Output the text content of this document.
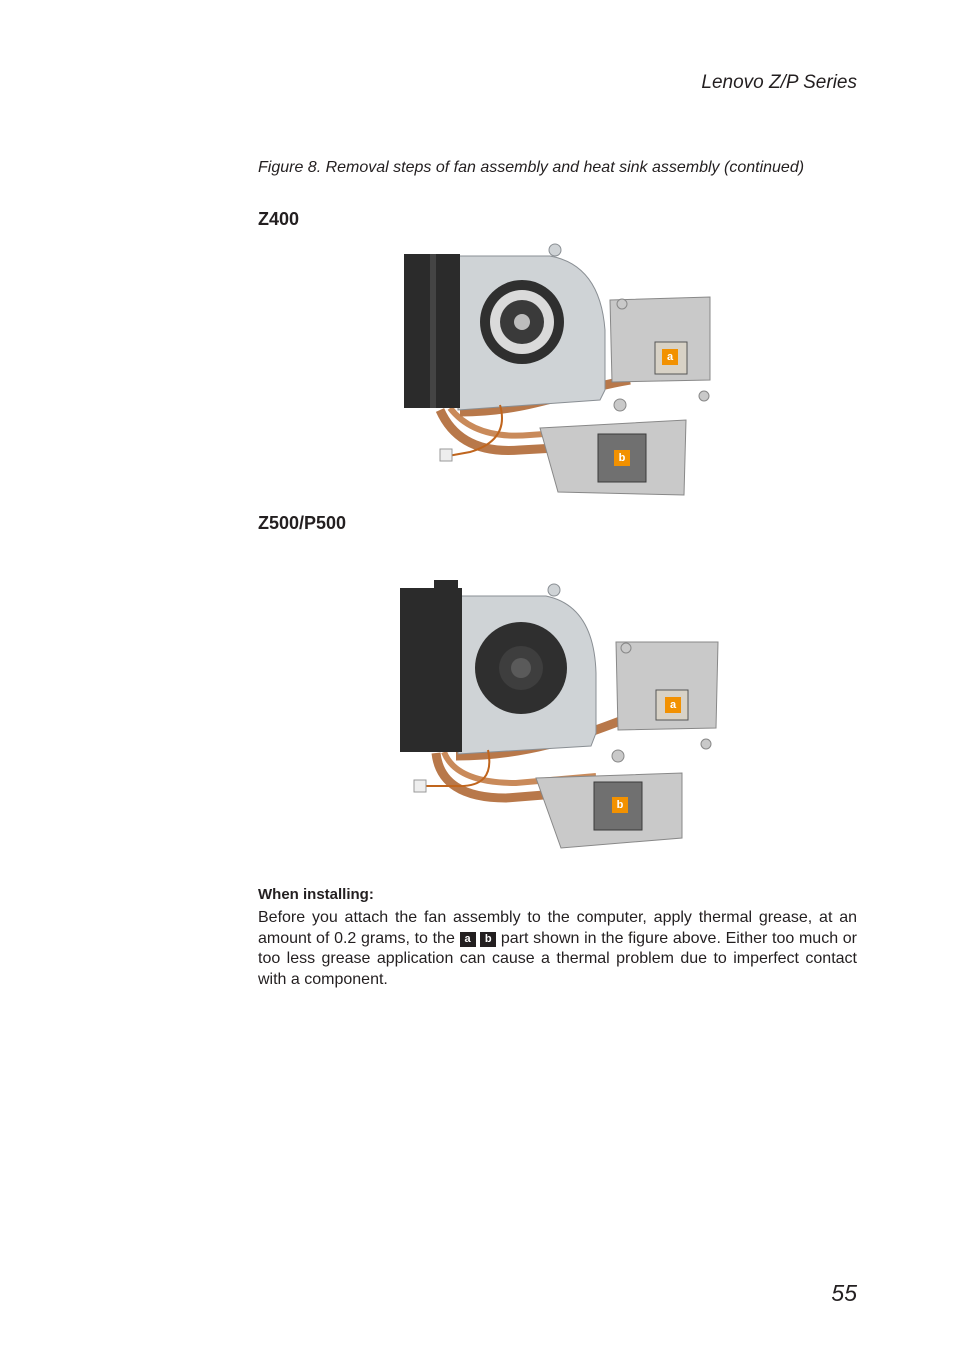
Lenovo Z/P Series
Figure 8. Removal steps of fan assembly and heat sink assembly (continued)
Z400
a
b
Z500/P500
a
b
When installing:
Before you attach the fan assembly to the computer, apply thermal grease, at an amount of 0.2 grams, to the a b part shown in the figure above. Either too much or too less grease application can cause a thermal problem due to imperfect contact with a component.
55
